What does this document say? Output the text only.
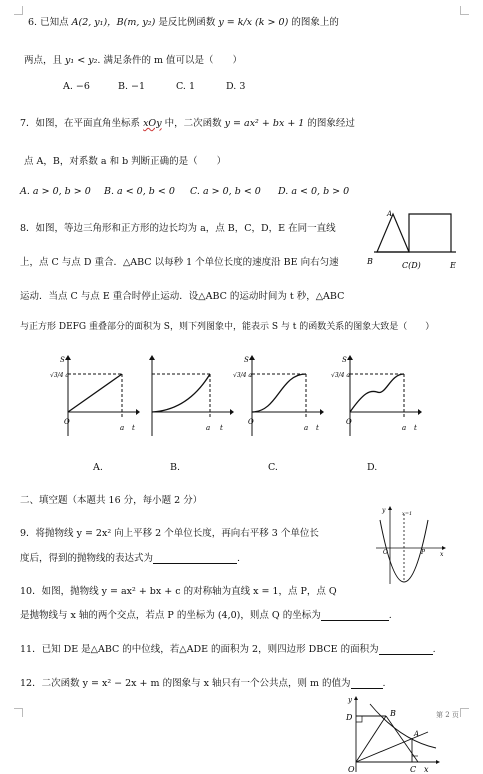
6. 已知点 A(2, y₁)，B(m, y₂) 是反比例函数 y = k/x (k > 0) 的图象上的
两点，且 y₁ < y₂. 满足条件的 m 值可以是（　　）
A. −6	B. −1	C. 1	D. 3
7．如图，在平面直角坐标系 xOy 中，二次函数 y = ax² + bx + 1 的图象经过
点 A，B，对系数 a 和 b 判断正确的是（　　）
A. a > 0, b > 0 B. a < 0, b < 0 C. a > 0, b < 0 D. a < 0, b > 0
8．如图，等边三角形和正方形的边长均为 a，点 B，C，D，E 在同一直线
上，点 C 与点 D 重合．△ABC 以每秒 1 个单位长度的速度沿 BE 向右匀速
运动．当点 C 与点 E 重合时停止运动．设△ABC 的运动时间为 t 秒，△ABC
与正方形 DEFG 重叠部分的面积为 S，则下列图象中，能表示 S 与 t 的函数关系的图象大致是（　　）
A
B	C(D)	E
S
√3/4 a
O
a t	a t
S
√3/4 a
O
a t
S
√3/4 a
O
a t
A.	B.	C.	D.
二、填空题（本题共 16 分，每小题 2 分）
9．将抛物线 y = 2x² 向上平移 2 个单位长度，再向右平移 3 个单位长
度后，得到的抛物线的表达式为	.
y	x=1
O	P x
10．如图，抛物线 y = ax² + bx + c 的对称轴为直线 x = 1，点 P，点 Q
是抛物线与 x 轴的两个交点，若点 P 的坐标为 (4,0)，则点 Q 的坐标为	.
11．已知 DE 是△ABC 的中位线，若△ADE 的面积为 2，则四边形 DBCE 的面积为	.
12．二次函数 y = x² − 2x + m 的图象与 x 轴只有一个公共点，则 m 的值为	.
y
D	B
A
O	C x
第 2 页
